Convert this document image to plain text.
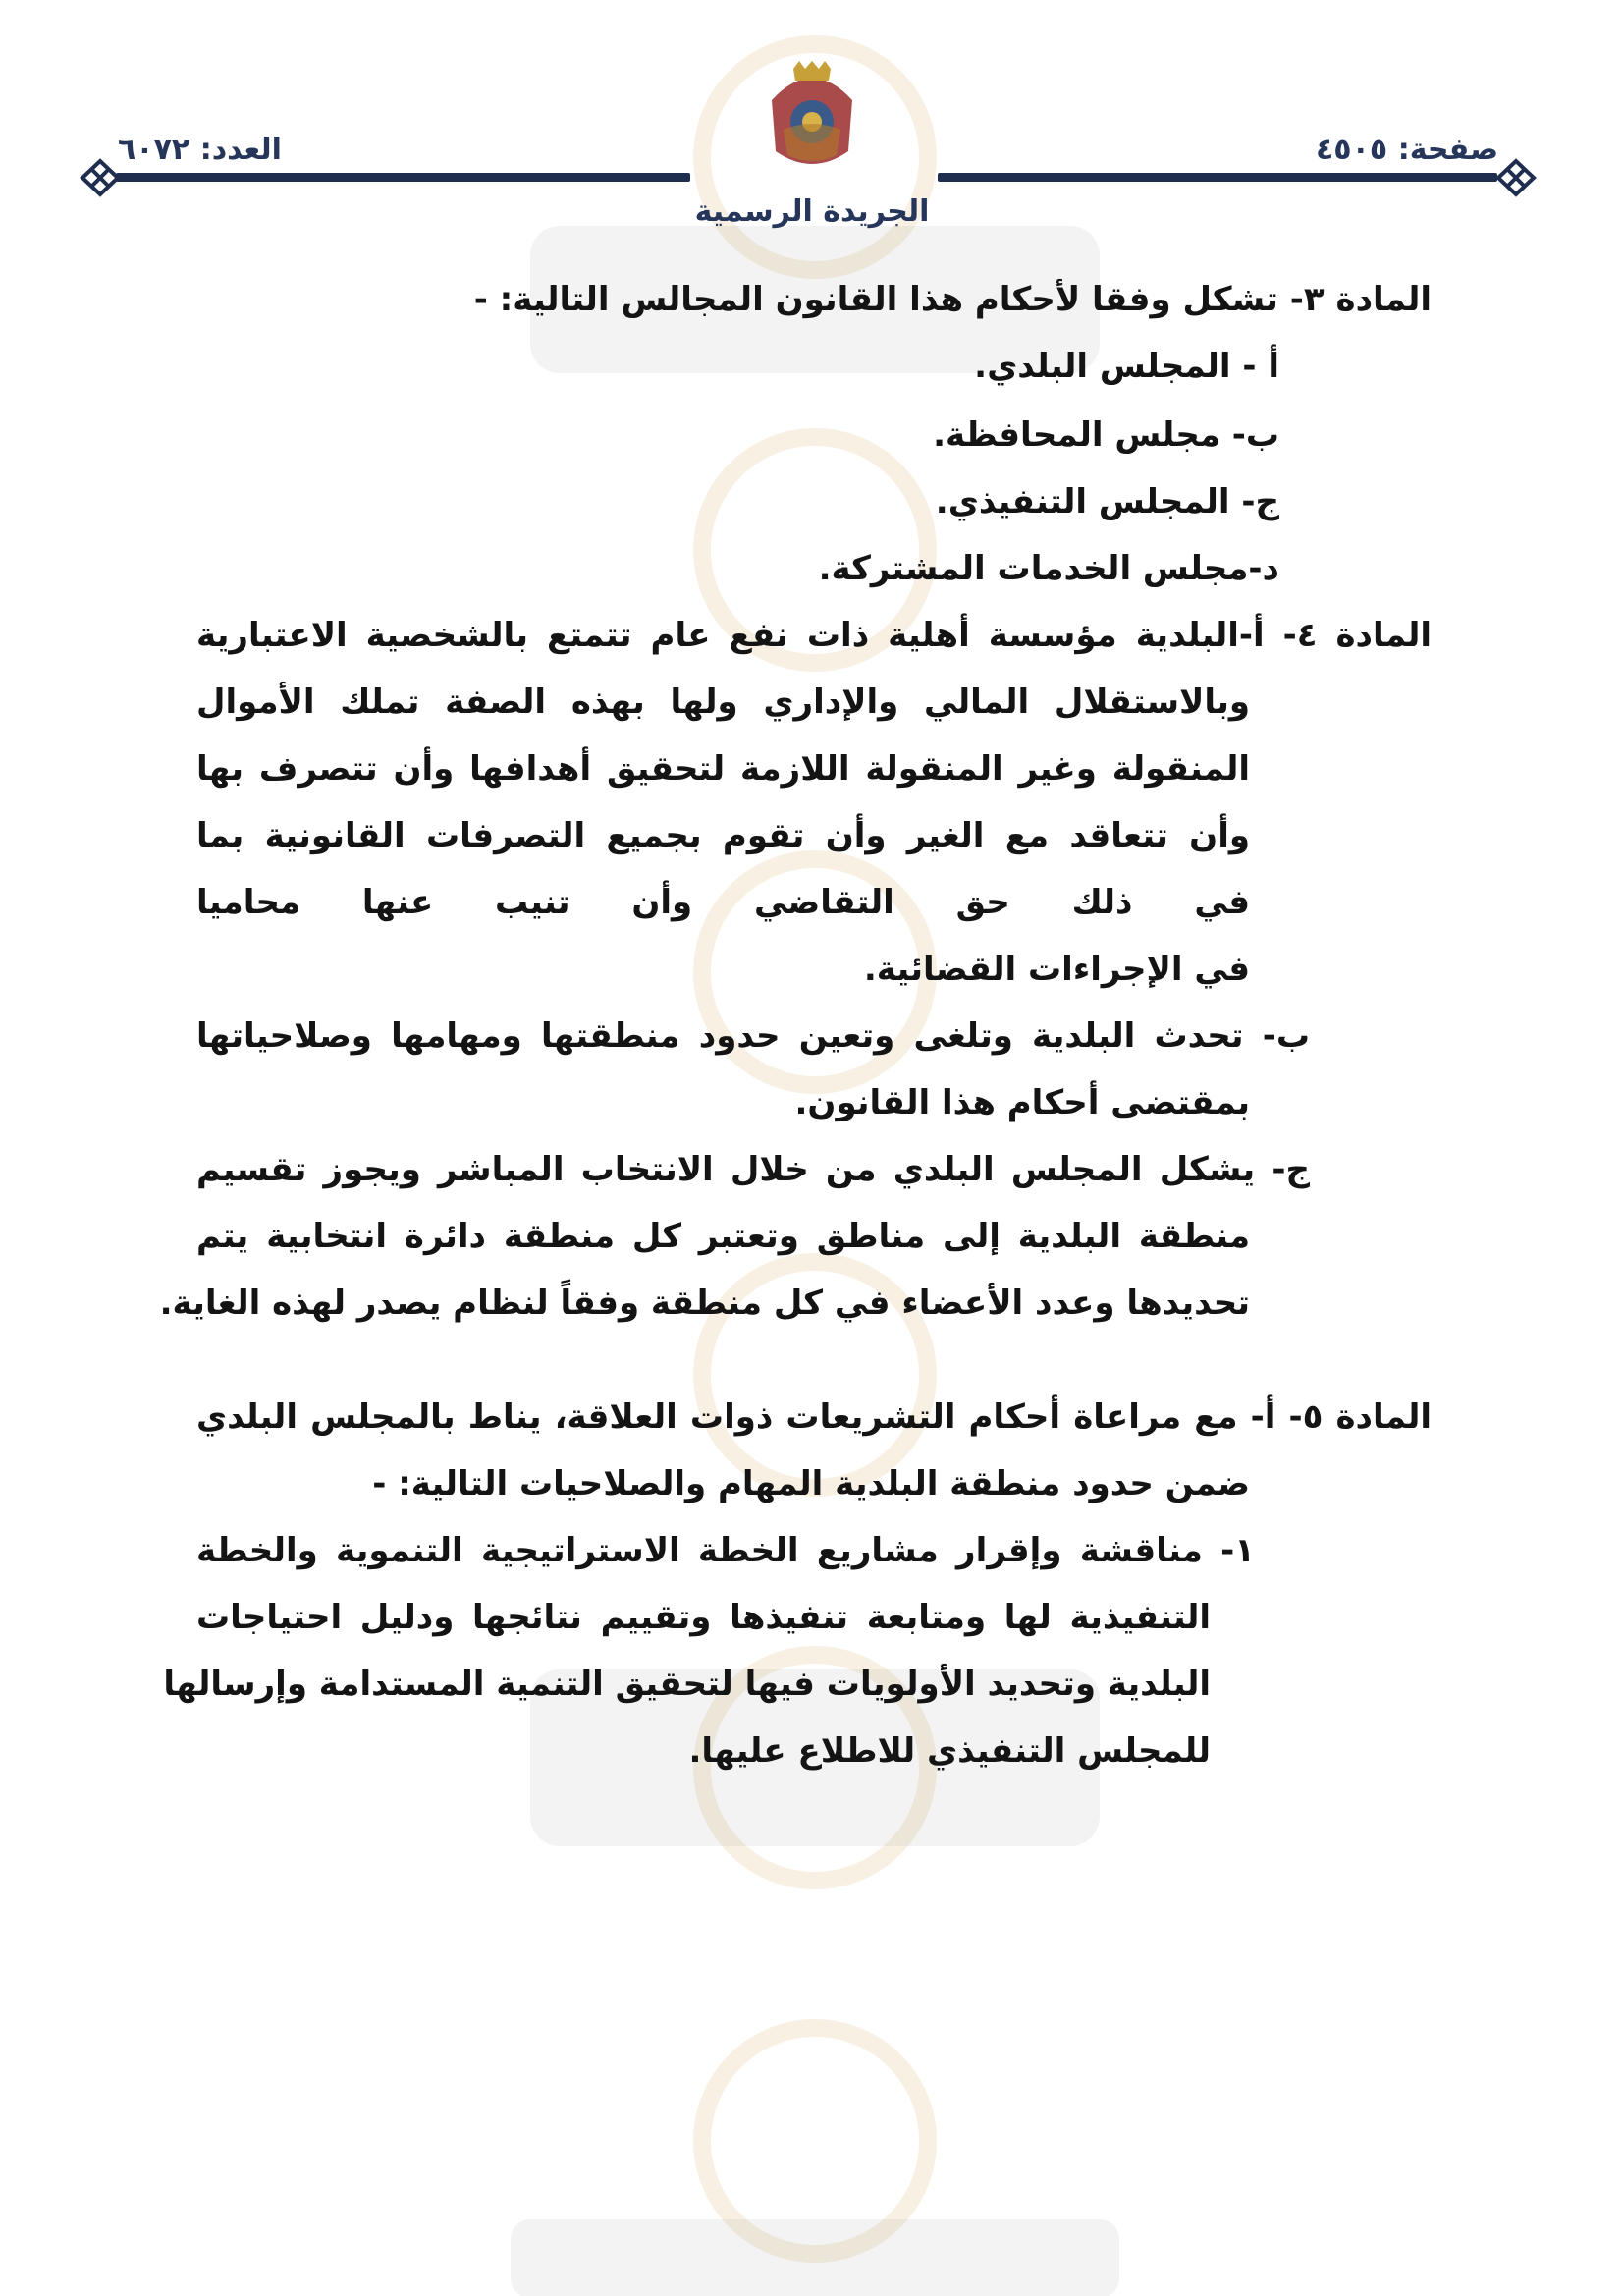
العدد: ٦٠٧٢	صفحة: ٤٥٠٥
الجريدة الرسمية
المادة ٣- تشكل وفقا لأحكام هذا القانون المجالس التالية: -
أ - المجلس البلدي.
ب- مجلس المحافظة.
ج- المجلس التنفيذي.
د-مجلس الخدمات المشتركة.
المادة ٤- أ-البلدية مؤسسة أهلية ذات نفع عام تتمتع بالشخصية الاعتبارية
وبالاستقلال المالي والإداري ولها بهذه الصفة تملك الأموال
المنقولة وغير المنقولة اللازمة لتحقيق أهدافها وأن تتصرف بها
وأن تتعاقد مع الغير وأن تقوم بجميع التصرفات القانونية بما
في ذلك حق التقاضي وأن تنيب عنها محاميا
في الإجراءات القضائية.
ب- تحدث البلدية وتلغى وتعين حدود منطقتها ومهامها وصلاحياتها
بمقتضى أحكام هذا القانون.
ج- يشكل المجلس البلدي من خلال الانتخاب المباشر ويجوز تقسيم
منطقة البلدية إلى مناطق وتعتبر كل منطقة دائرة انتخابية يتم
تحديدها وعدد الأعضاء في كل منطقة وفقاً لنظام يصدر لهذه الغاية.
المادة ٥- أ- مع مراعاة أحكام التشريعات ذوات العلاقة، يناط بالمجلس البلدي
ضمن حدود منطقة البلدية المهام والصلاحيات التالية: -
١- مناقشة وإقرار مشاريع الخطة الاستراتيجية التنموية والخطة
التنفيذية لها ومتابعة تنفيذها وتقييم نتائجها ودليل احتياجات
البلدية وتحديد الأولويات فيها لتحقيق التنمية المستدامة وإرسالها
للمجلس التنفيذي للاطلاع عليها.
